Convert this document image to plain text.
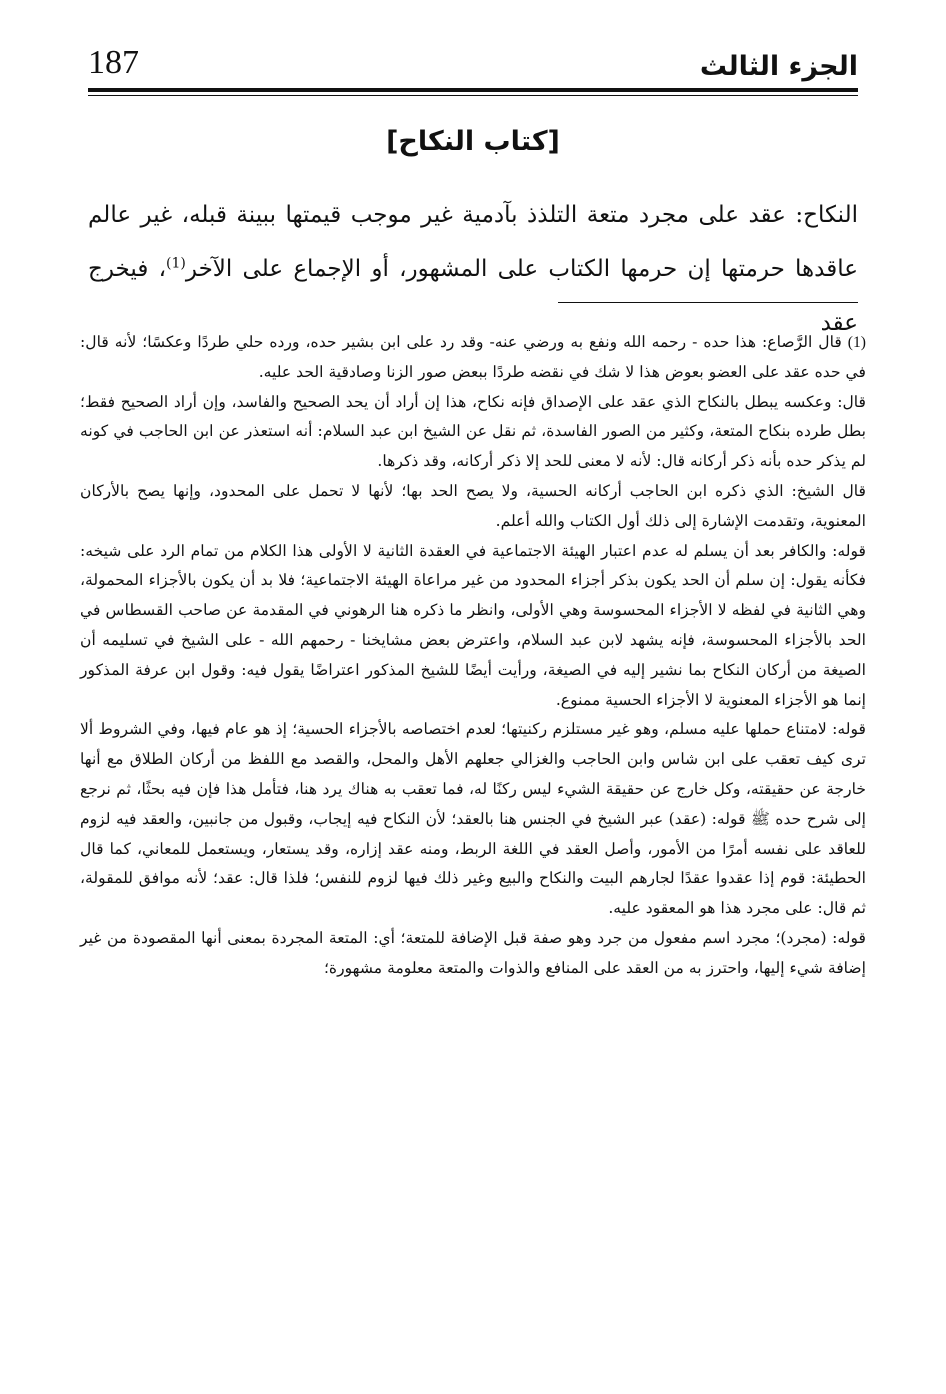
187	الجزء الثالث
[كتاب النكاح]
النكاح: عقد على مجرد متعة التلذذ بآدمية غير موجب قيمتها ببينة قبله، غير عالم عاقدها حرمتها إن حرمها الكتاب على المشهور، أو الإجماع على الآخر$^{(1)}$، فيخرج عقد

(1)قال الرَّصاع: هذا حده - رحمه الله ونفع به ورضي عنه- وقد رد على ابن بشير حده، ورده حلي طردًا وعكسًا؛ لأنه قال: في حده عقد على العضو بعوض هذا لا شك في نقضه طردًا ببعض صور الزنا وصادقية الحد عليه.

قال: وعكسه يبطل بالنكاح الذي عقد على الإصداق فإنه نكاح، هذا إن أراد أن يحد الصحيح والفاسد، وإن أراد الصحيح فقط؛ بطل طرده بنكاح المتعة، وكثير من الصور الفاسدة، ثم نقل عن الشيخ ابن عبد السلام: أنه استعذر عن ابن الحاجب في كونه لم يذكر حده بأنه ذكر أركانه قال: لأنه لا معنى للحد إلا ذكر أركانه، وقد ذكرها.

قال الشيخ: الذي ذكره ابن الحاجب أركانه الحسية، ولا يصح الحد بها؛ لأنها لا تحمل على المحدود، وإنها يصح بالأركان المعنوية، وتقدمت الإشارة إلى ذلك أول الكتاب والله أعلم.

قوله: والكافر بعد أن يسلم له عدم اعتبار الهيئة الاجتماعية في العقدة الثانية لا الأولى هذا الكلام من تمام الرد على شيخه: فكأنه يقول: إن سلم أن الحد يكون بذكر أجزاء المحدود من غير مراعاة الهيئة الاجتماعية؛ فلا بد أن يكون بالأجزاء المحمولة، وهي الثانية في لفظه لا الأجزاء المحسوسة وهي الأولى، وانظر ما ذكره هنا الرهوني في المقدمة عن صاحب القسطاس في الحد بالأجزاء المحسوسة، فإنه يشهد لابن عبد السلام، واعترض بعض مشايخنا - رحمهم الله - على الشيخ في تسليمه أن الصيغة من أركان النكاح بما نشير إليه في الصيغة، ورأيت أيضًا للشيخ المذكور اعتراضًا يقول فيه: وقول ابن عرفة المذكور إنما هو الأجزاء المعنوية لا الأجزاء الحسية ممنوع.

قوله: لامتناع حملها عليه مسلم، وهو غير مستلزم ركنيتها؛ لعدم اختصاصه بالأجزاء الحسية؛ إذ هو عام فيها، وفي الشروط ألا ترى كيف تعقب على ابن شاس وابن الحاجب والغزالي جعلهم الأهل والمحل، والقصد مع اللفظ من أركان الطلاق مع أنها خارجة عن حقيقته، وكل خارج عن حقيقة الشيء ليس ركنًا له، فما تعقب به هناك يرد هنا، فتأمل هذا فإن فيه بحثًا، ثم نرجع إلى شرح حده ﷺ قوله: (عقد) عبر الشيخ في الجنس هنا بالعقد؛ لأن النكاح فيه إيجاب، وقبول من جانبين، والعقد فيه لزوم للعاقد على نفسه أمرًا من الأمور، وأصل العقد في اللغة الربط، ومنه عقد إزاره، وقد يستعار، ويستعمل للمعاني، كما قال الحطيئة: قوم إذا عقدوا عقدًا لجارهم البيت والنكاح والبيع وغير ذلك فيها لزوم للنفس؛ فلذا قال: عقد؛ لأنه موافق للمقولة، ثم قال: على مجرد هذا هو المعقود عليه.

قوله: (مجرد)؛ مجرد اسم مفعول من جرد وهو صفة قبل الإضافة للمتعة؛ أي: المتعة المجردة بمعنى أنها المقصودة من غير إضافة شيء إليها، واحترز به من العقد على المنافع والذوات والمتعة معلومة مشهورة؛
